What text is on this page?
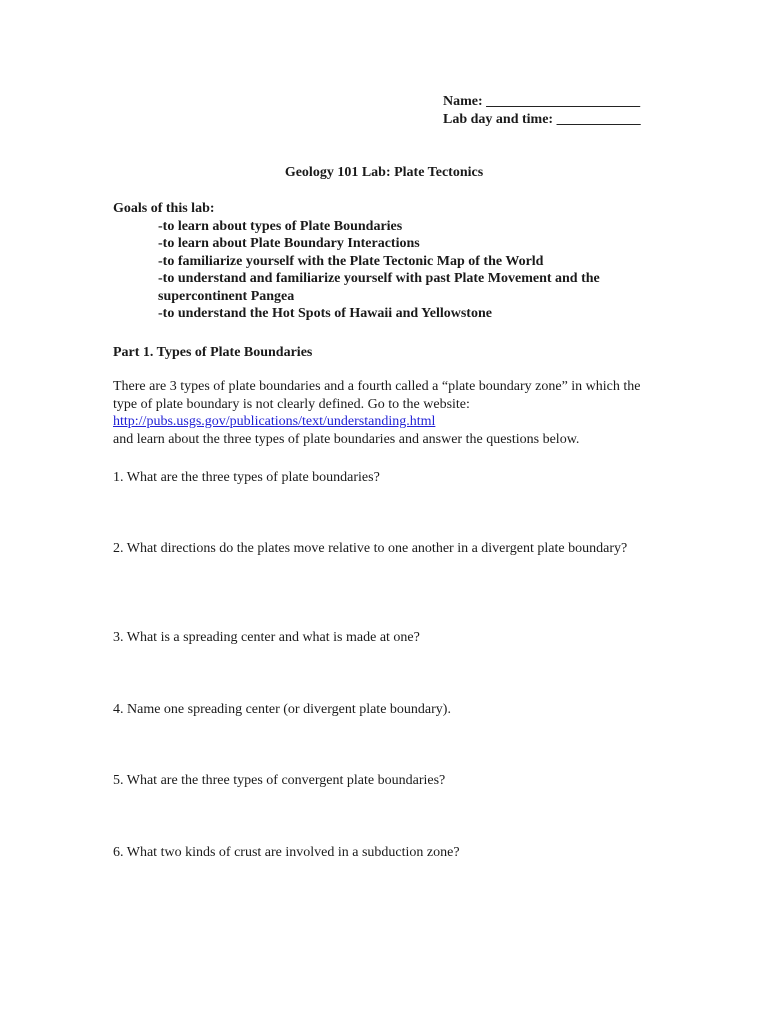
Name: ______________________
Lab day and time: ____________
Geology 101 Lab: Plate Tectonics
Goals of this lab:
-to learn about types of Plate Boundaries
-to learn about Plate Boundary Interactions
-to familiarize yourself with the Plate Tectonic Map of the World
-to understand and familiarize yourself with past Plate Movement and the supercontinent Pangea
-to understand the Hot Spots of Hawaii and Yellowstone
Part 1. Types of Plate Boundaries
There are 3 types of plate boundaries and a fourth called a “plate boundary zone” in which the type of plate boundary is not clearly defined. Go to the website:
http://pubs.usgs.gov/publications/text/understanding.html
and learn about the three types of plate boundaries and answer the questions below.
1. What are the three types of plate boundaries?
2. What directions do the plates move relative to one another in a divergent plate boundary?
3. What is a spreading center and what is made at one?
4. Name one spreading center (or divergent plate boundary).
5. What are the three types of convergent plate boundaries?
6. What two kinds of crust are involved in a subduction zone?
